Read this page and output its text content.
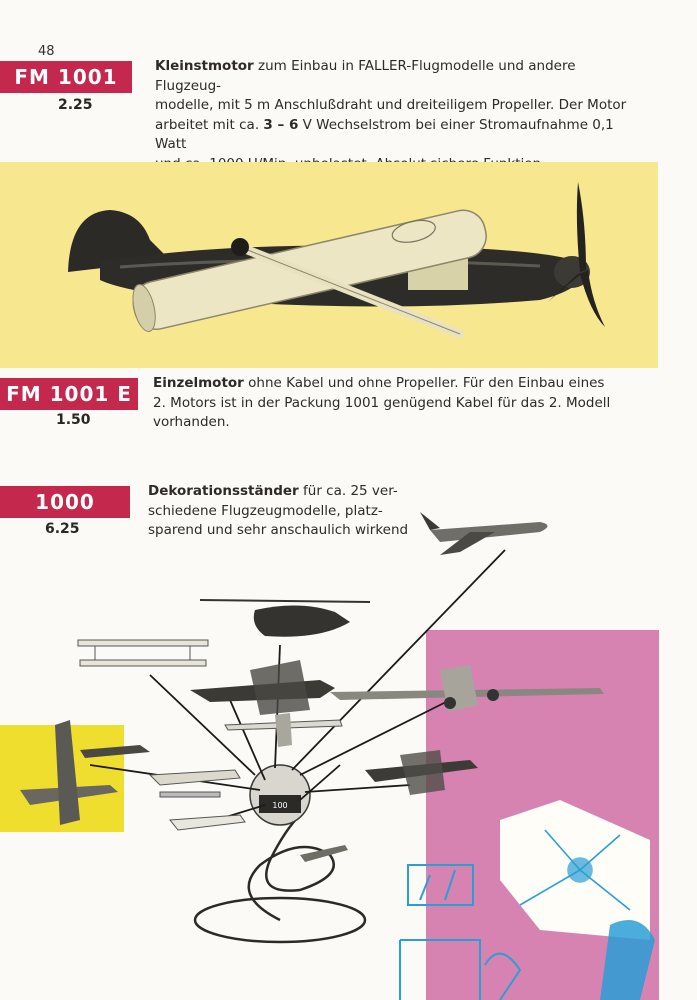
48
FM 1001
2.25
Kleinstmotor zum Einbau in FALLER-Flugmodelle und andere Flugzeug-
modelle, mit 5 m Anschlußdraht und dreiteiligem Propeller. Der Motor
arbeitet mit ca. 3 – 6 V Wechselstrom bei einer Stromaufnahme 0,1 Watt
FM 1001 E
1.50
Einzelmotor ohne Kabel und ohne Propeller. Für den Einbau eines
2. Motors ist in der Packung 1001 genügend Kabel für das 2. Modell
vorhanden.
1000
6.25
Dekorationsständer für ca. 25 ver-
schiedene Flugzeugmodelle, platz-
sparend und sehr anschaulich wirkend
100
